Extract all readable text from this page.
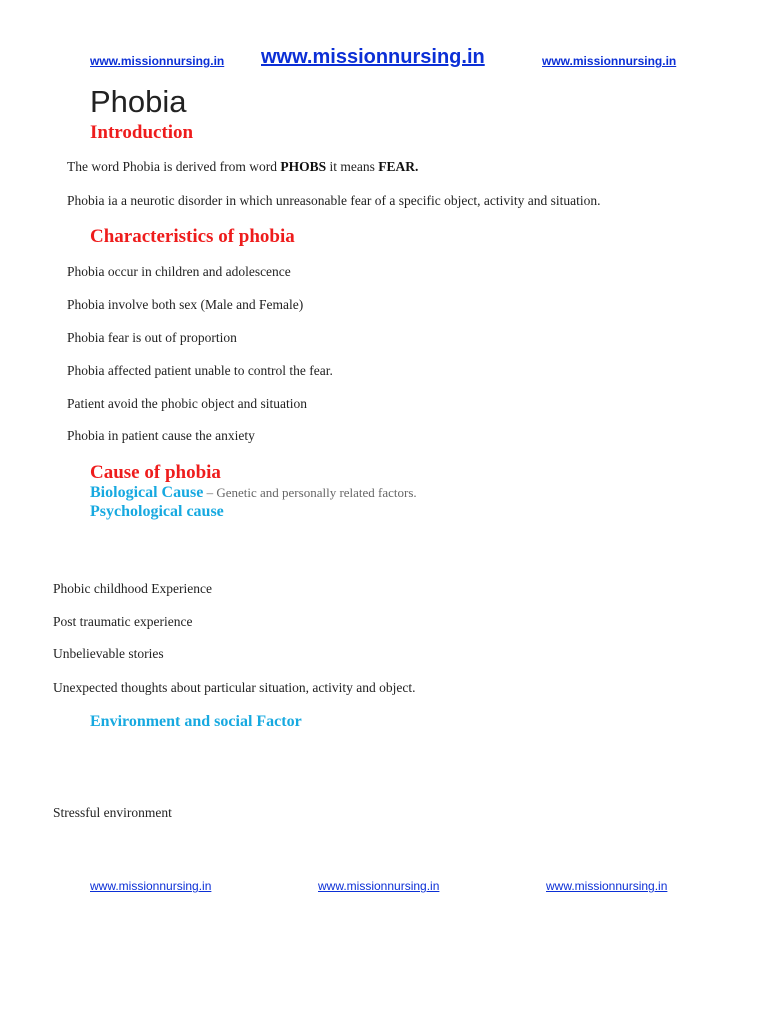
www.missionnursing.in www.missionnursing.in	www.missionnursing.in
Phobia
Introduction
The word Phobia is derived from word PHOBS it means FEAR.
Phobia ia a neurotic disorder in which unreasonable fear of a specific object, activity and situation.
Characteristics of phobia
Phobia occur in children and adolescence
Phobia involve both sex (Male and Female)
Phobia fear is out of proportion
Phobia affected patient unable to control the fear.
Patient avoid the phobic object and situation
Phobia in patient cause the anxiety
Cause of phobia
Biological Cause – Genetic and personally related factors.
Psychological cause
Phobic childhood Experience
Post traumatic experience
Unbelievable stories
Unexpected thoughts about particular situation, activity and object.
Environment and social Factor
Stressful environment
www.missionnursing.in	www.missionnursing.in	www.missionnursing.in
